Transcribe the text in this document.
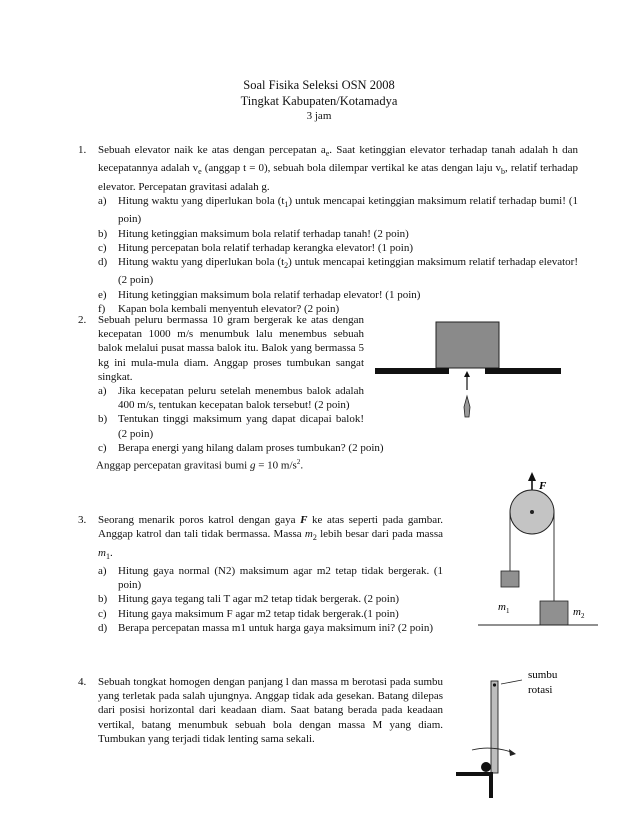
Soal Fisika Seleksi OSN 2008
Tingkat Kabupaten/Kotamadya
3 jam
1. Sebuah elevator naik ke atas dengan percepatan $a_e$. Saat ketinggian elevator terhadap tanah adalah h dan kecepatannya adalah $v_e$ (anggap t = 0), sebuah bola dilempar vertikal ke atas dengan laju $v_b$, relatif terhadap elevator. Percepatan gravitasi adalah g.
a) Hitung waktu yang diperlukan bola $(t_1)$ untuk mencapai ketinggian maksimum relatif terhadap bumi! (1 poin)
b) Hitung ketinggian maksimum bola relatif terhadap tanah! (2 poin)
c) Hitung percepatan bola relatif terhadap kerangka elevator! (1 poin)
d) Hitung waktu yang diperlukan bola $(t_2)$ untuk mencapai ketinggian maksimum relatif terhadap elevator!(2 poin)
e) Hitung ketinggian maksimum bola relatif terhadap elevator! (1 poin)
f) Kapan bola kembali menyentuh elevator? (2 poin)
2. Sebuah peluru bermassa 10 gram bergerak ke atas dengan kecepatan 1000 m/s menumbuk lalu menembus sebuah balok melalui pusat massa balok itu. Balok yang bermassa 5 kg ini mula-mula diam. Anggap proses tumbukan sangat singkat.
a) Jika kecepatan peluru setelah menembus balok adalah 400 m/s, tentukan kecepatan balok tersebut! (2 poin)
b) Tentukan tinggi maksimum yang dapat dicapai balok! (2 poin)
c) Berapa energi yang hilang dalam proses tumbukan? (2 poin)
Anggap percepatan gravitasi bumi g = 10 $m/s^2$.
3. Seorang menarik poros katrol dengan gaya F ke atas seperti pada gambar. Anggap katrol dan tali tidak bermassa. Massa $m_2$ lebih besar dari pada massa $m_1$.
a) Hitung gaya normal (N2) maksimum agar m2 tetap tidak bergerak. (1 poin)
b) Hitung gaya tegang tali T agar m2 tetap tidak bergerak. (2 poin)
c) Hitung gaya maksimum F agar m2 tetap tidak bergerak.(1 poin)
d) Berapa percepatan massa m1 untuk harga gaya maksimum ini? (2 poin)
F
$m_1$	$m_2$
4. Sebuah tongkat homogen dengan panjang l dan massa m berotasi pada sumbu yang terletak pada salah ujungnya. Anggap tidak ada gesekan. Batang dilepas dari posisi horizontal dari keadaan diam. Saat batang berada pada keadaan vertikal, batang menumbuk sebuah bola dengan massa M yang diam. Tumbukan yang terjadi tidak lenting sama sekali.
sumbu rotasi
